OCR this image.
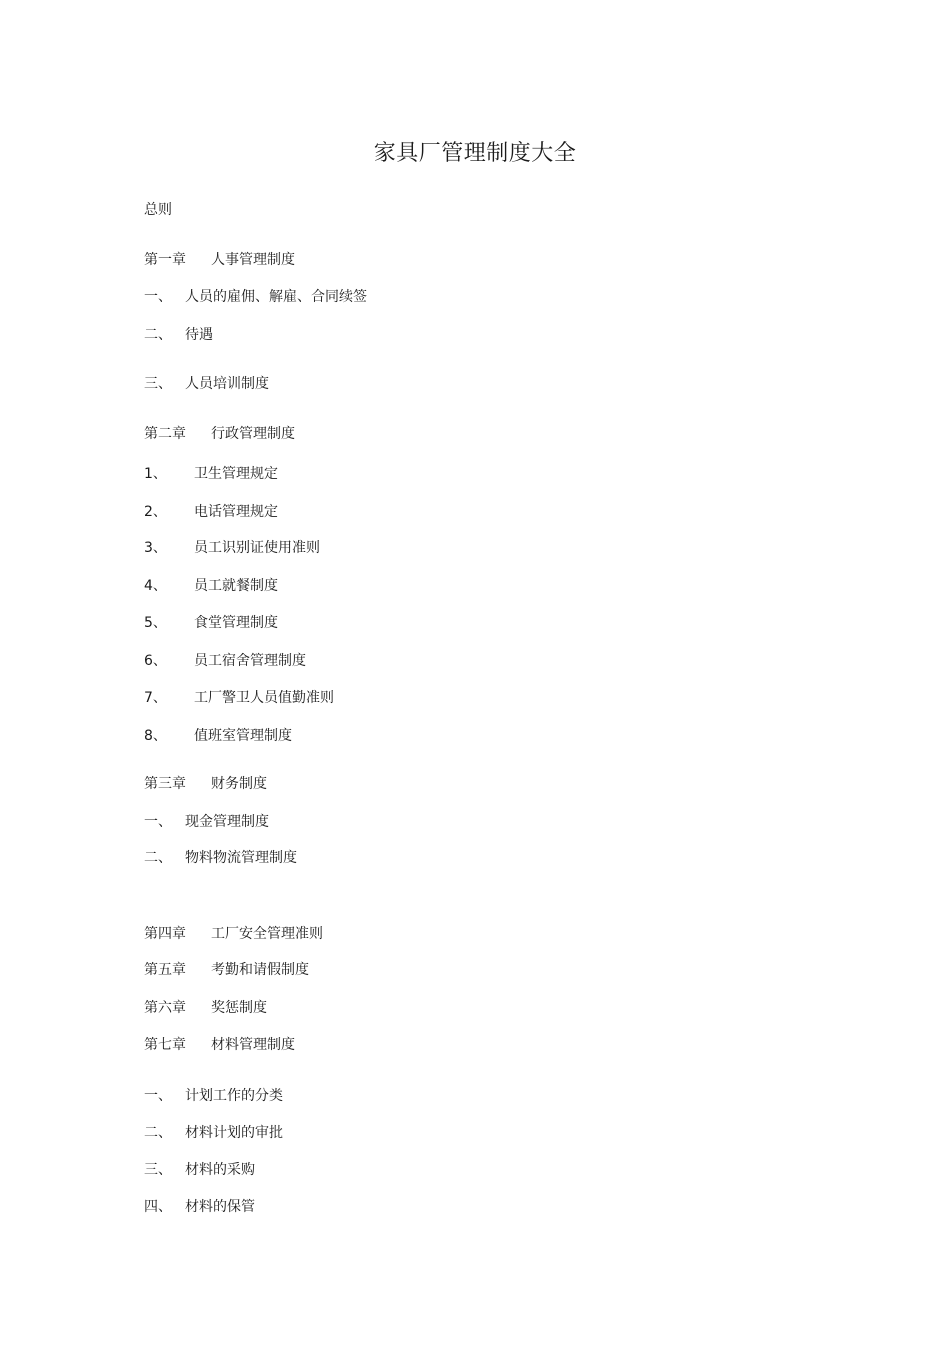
家具厂管理制度大全
总则
第一章 人事管理制度
一、 人员的雇佣、解雇、合同续签
二、 待遇
三、 人员培训制度
第二章 行政管理制度
1、 卫生管理规定
2、 电话管理规定
3、 员工识别证使用准则
4、 员工就餐制度
5、 食堂管理制度
6、 员工宿舍管理制度
7、 工厂警卫人员值勤准则
8、 值班室管理制度
第三章 财务制度
一、 现金管理制度
二、 物料物流管理制度
第四章 工厂安全管理准则
第五章 考勤和请假制度
第六章 奖惩制度
第七章 材料管理制度
一、 计划工作的分类
二、 材料计划的审批
三、 材料的采购
四、 材料的保管
